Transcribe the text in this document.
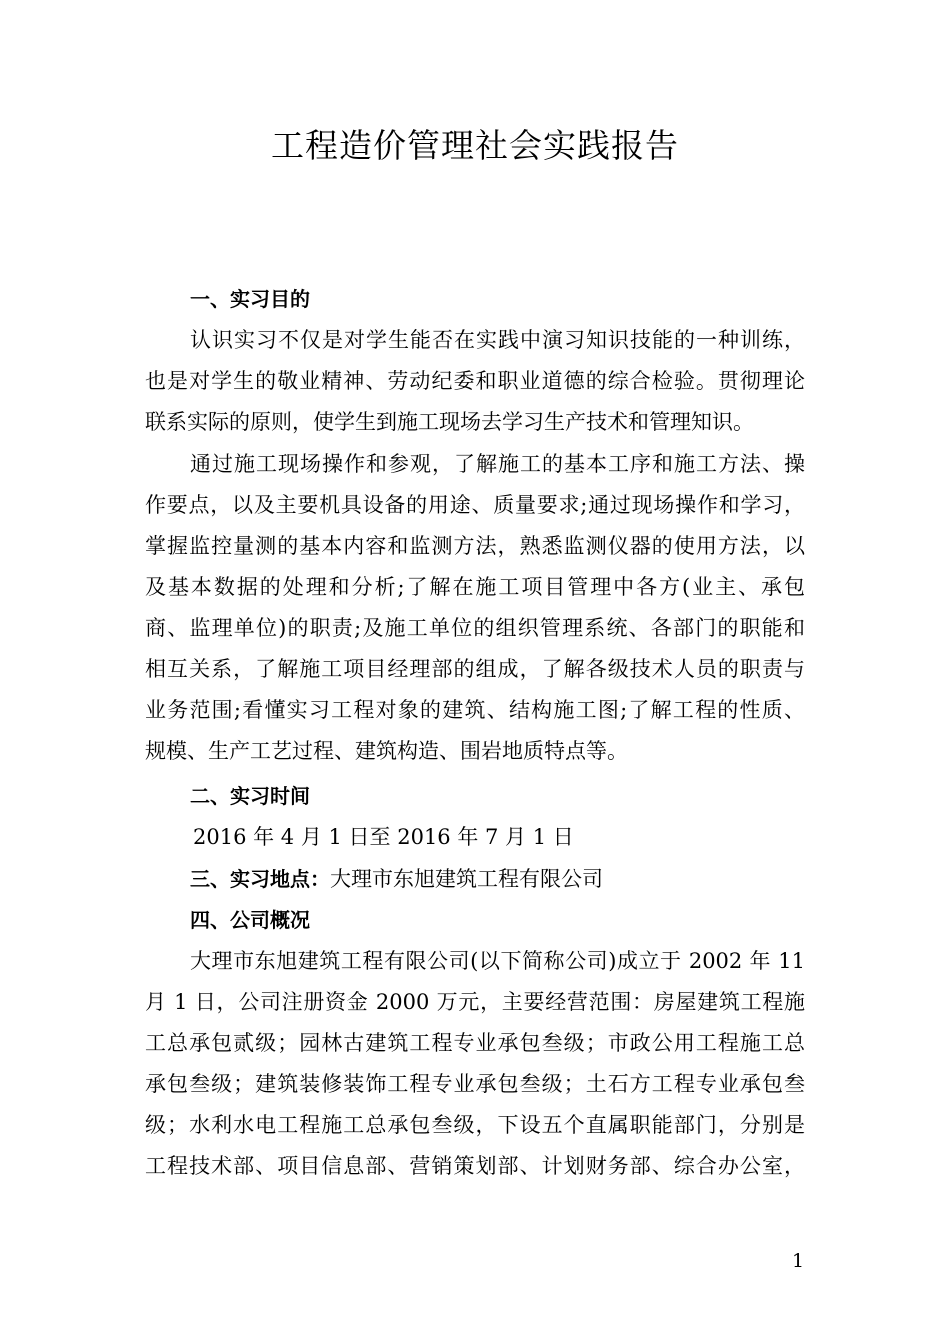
工程造价管理社会实践报告
一、实习目的
认识实习不仅是对学生能否在实践中演习知识技能的一种训练，
也是对学生的敬业精神、劳动纪委和职业道德的综合检验。贯彻理论
联系实际的原则，使学生到施工现场去学习生产技术和管理知识。
通过施工现场操作和参观，了解施工的基本工序和施工方法、操
作要点，以及主要机具设备的用途、质量要求;通过现场操作和学习，
掌握监控量测的基本内容和监测方法，熟悉监测仪器的使用方法，以
及基本数据的处理和分析;了解在施工项目管理中各方(业主、承包
商、监理单位)的职责;及施工单位的组织管理系统、各部门的职能和
相互关系，了解施工项目经理部的组成，了解各级技术人员的职责与
业务范围;看懂实习工程对象的建筑、结构施工图;了解工程的性质、
规模、生产工艺过程、建筑构造、围岩地质特点等。
二、实习时间
2016 年 4 月 1 日至 2016 年 7 月 1 日
三、实习地点：大理市东旭建筑工程有限公司
四、公司概况
大理市东旭建筑工程有限公司(以下简称公司)成立于 2002 年 11
月 1 日，公司注册资金 2000 万元，主要经营范围：房屋建筑工程施
工总承包贰级；园林古建筑工程专业承包叁级；市政公用工程施工总
承包叁级；建筑装修装饰工程专业承包叁级；土石方工程专业承包叁
级；水利水电工程施工总承包叁级，下设五个直属职能部门，分别是
工程技术部、项目信息部、营销策划部、计划财务部、综合办公室，
1
